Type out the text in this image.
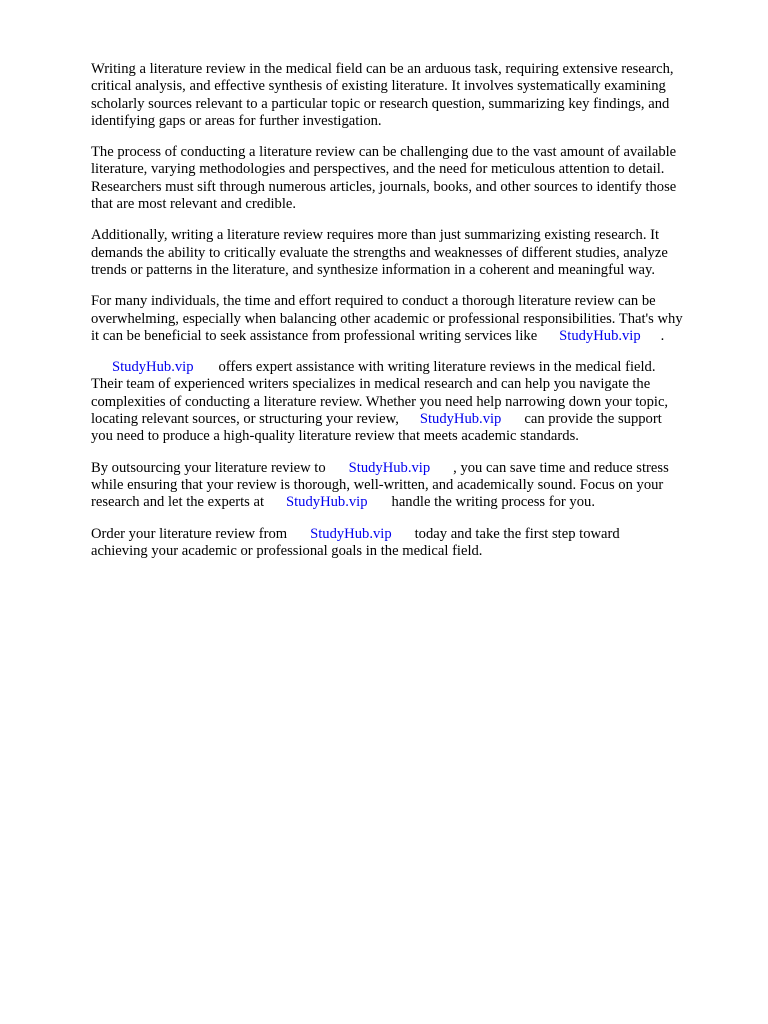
Writing a literature review in the medical field can be an arduous task, requiring extensive research,
critical analysis, and effective synthesis of existing literature. It involves systematically examining
scholarly sources relevant to a particular topic or research question, summarizing key findings, and
identifying gaps or areas for further investigation.

The process of conducting a literature review can be challenging due to the vast amount of available
literature, varying methodologies and perspectives, and the need for meticulous attention to detail.
Researchers must sift through numerous articles, journals, books, and other sources to identify those
that are most relevant and credible.

Additionally, writing a literature review requires more than just summarizing existing research. It
demands the ability to critically evaluate the strengths and weaknesses of different studies, analyze
trends or patterns in the literature, and synthesize information in a coherent and meaningful way.

For many individuals, the time and effort required to conduct a thorough literature review can be
overwhelming, especially when balancing other academic or professional responsibilities. That's why
it can be beneficial to seek assistance from professional writing services like StudyHub.vip .

StudyHub.vip offers expert assistance with writing literature reviews in the medical field.
Their team of experienced writers specializes in medical research and can help you navigate the
complexities of conducting a literature review. Whether you need help narrowing down your topic,
locating relevant sources, or structuring your review, StudyHub.vip can provide the support
you need to produce a high-quality literature review that meets academic standards.

By outsourcing your literature review to StudyHub.vip , you can save time and reduce stress
while ensuring that your review is thorough, well-written, and academically sound. Focus on your
research and let the experts at StudyHub.vip handle the writing process for you.

Order your literature review from StudyHub.vip today and take the first step toward
achieving your academic or professional goals in the medical field.
